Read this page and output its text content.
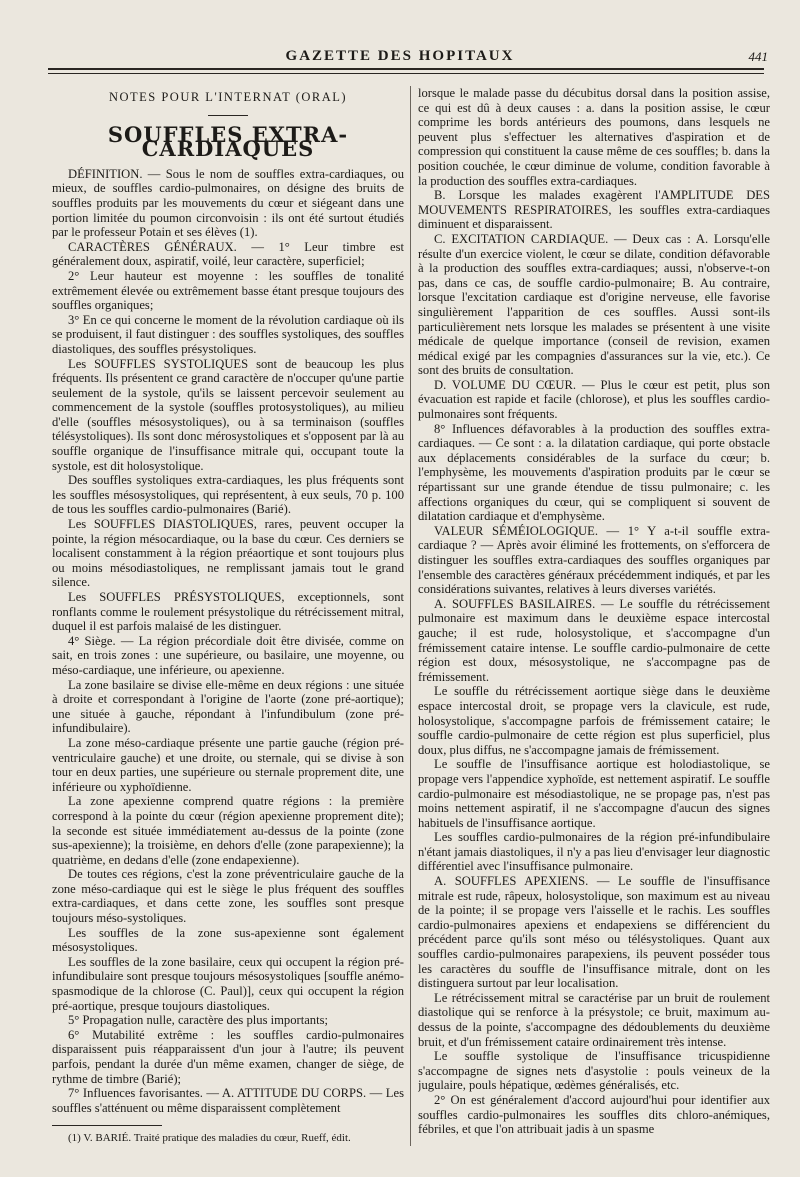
GAZETTE DES HOPITAUX	441
NOTES POUR L'INTERNAT (ORAL)
SOUFFLES EXTRA-CARDIAQUES

DÉFINITION. — Sous le nom de souffles extra-cardiaques, ou mieux, de souffles cardio-pulmonaires, on désigne des bruits de souffles produits par les mouvements du cœur et siégeant dans une portion limitée du poumon circonvoisin : ils ont été surtout étudiés par le professeur Potain et ses élèves (1).

CARACTÈRES GÉNÉRAUX. — 1° Leur timbre est généralement doux, aspiratif, voilé, leur caractère, superficiel;

2° Leur hauteur est moyenne : les souffles de tonalité extrêmement élevée ou extrêmement basse étant presque toujours des souffles organiques;

3° En ce qui concerne le moment de la révolution cardiaque où ils se produisent, il faut distinguer : des souffles systoliques, des souffles diastoliques, des souffles présystoliques.

Les SOUFFLES SYSTOLIQUES sont de beaucoup les plus fréquents. Ils présentent ce grand caractère de n'occuper qu'une partie seulement de la systole, qu'ils se laissent percevoir seulement au commencement de la systole (souffles protosystoliques), au milieu d'elle (souffles mésosystoliques), ou à sa terminaison (souffles télésystoliques). Ils sont donc mérosystoliques et s'opposent par là au souffle organique de l'insuffisance mitrale qui, occupant toute la systole, est dit holosystolique.

Des souffles systoliques extra-cardiaques, les plus fréquents sont les souffles mésosystoliques, qui représentent, à eux seuls, 70 p. 100 de tous les souffles cardio-pulmonaires (Barié).

Les SOUFFLES DIASTOLIQUES, rares, peuvent occuper la pointe, la région mésocardiaque, ou la base du cœur. Ces derniers se localisent constamment à la région préaortique et sont toujours plus ou moins mésodiastoliques, ne remplissant jamais tout le grand silence.

Les SOUFFLES PRÉSYSTOLIQUES, exceptionnels, sont ronflants comme le roulement présystolique du rétrécissement mitral, duquel il est parfois malaisé de les distinguer.

4° Siège. — La région précordiale doit être divisée, comme on sait, en trois zones : une supérieure, ou basilaire, une moyenne, ou méso-cardiaque, une inférieure, ou apexienne.

La zone basilaire se divise elle-même en deux régions : une située à droite et correspondant à l'origine de l'aorte (zone pré-aortique); une située à gauche, répondant à l'infundibulum (zone pré-infundibulaire).

La zone méso-cardiaque présente une partie gauche (région pré-ventriculaire gauche) et une droite, ou sternale, qui se divise à son tour en deux parties, une supérieure ou sternale proprement dite, une inférieure ou xyphoïdienne.

La zone apexienne comprend quatre régions : la première correspond à la pointe du cœur (région apexienne proprement dite); la seconde est située immédiatement au-dessus de la pointe (zone sus-apexienne); la troisième, en dehors d'elle (zone parapexienne); la quatrième, en dedans d'elle (zone endapexienne).

De toutes ces régions, c'est la zone préventriculaire gauche de la zone méso-cardiaque qui est le siège le plus fréquent des souffles extra-cardiaques, et dans cette zone, les souffles sont presque toujours méso-systoliques.

Les souffles de la zone sus-apexienne sont également mésosystoliques.

Les souffles de la zone basilaire, ceux qui occupent la région pré-infundibulaire sont presque toujours mésosystoliques [souffle anémo-spasmodique de la chlorose (C. Paul)], ceux qui occupent la région pré-aortique, presque toujours diastoliques.

5° Propagation nulle, caractère des plus importants;

6° Mutabilité extrême : les souffles cardio-pulmonaires disparaissent puis réapparaissent d'un jour à l'autre; ils peuvent parfois, pendant la durée d'un même examen, changer de siège, de rythme de timbre (Barié);

7° Influences favorisantes. — A. ATTITUDE DU CORPS. — Les souffles s'atténuent ou même disparaissent complètement

(1) V. BARIÉ. Traité pratique des maladies du cœur, Rueff, édit.

lorsque le malade passe du décubitus dorsal dans la position assise, ce qui est dû à deux causes : a. dans la position assise, le cœur comprime les bords antérieurs des poumons, dans lesquels ne peuvent plus s'effectuer les alternatives d'aspiration et de compression qui constituent la cause même de ces souffles; b. dans la position couchée, le cœur diminue de volume, condition favorable à la production des souffles extra-cardiaques.

B. Lorsque les malades exagèrent l'AMPLITUDE DES MOUVEMENTS RESPIRATOIRES, les souffles extra-cardiaques diminuent et disparaissent.

C. EXCITATION CARDIAQUE. — Deux cas : A. Lorsqu'elle résulte d'un exercice violent, le cœur se dilate, condition défavorable à la production des souffles extra-cardiaques; aussi, n'observe-t-on pas, dans ce cas, de souffle cardio-pulmonaire; B. Au contraire, lorsque l'excitation cardiaque est d'origine nerveuse, elle favorise singulièrement l'apparition de ces souffles. Aussi sont-ils particulièrement nets lorsque les malades se présentent à une visite médicale de quelque importance (conseil de revision, examen médical exigé par les compagnies d'assurances sur la vie, etc.). Ce sont des bruits de consultation.

D. VOLUME DU CŒUR. — Plus le cœur est petit, plus son évacuation est rapide et facile (chlorose), et plus les souffles cardio-pulmonaires sont fréquents.

8° Influences défavorables à la production des souffles extra-cardiaques. — Ce sont : a. la dilatation cardiaque, qui porte obstacle aux déplacements considérables de la surface du cœur; b. l'emphysème, les mouvements d'aspiration produits par le cœur se répartissant sur une grande étendue de tissu pulmonaire; c. les affections organiques du cœur, qui se compliquent si souvent de dilatation cardiaque et d'emphysème.

VALEUR SÉMÉIOLOGIQUE. — 1° Y a-t-il souffle extra-cardiaque ? — Après avoir éliminé les frottements, on s'efforcera de distinguer les souffles extra-cardiaques des souffles organiques par l'ensemble des caractères généraux précédemment indiqués, et par les considérations suivantes, relatives à leurs diverses variétés.

A. SOUFFLES BASILAIRES. — Le souffle du rétrécissement pulmonaire est maximum dans le deuxième espace intercostal gauche; il est rude, holosystolique, et s'accompagne d'un frémissement cataire intense. Le souffle cardio-pulmonaire de cette région est doux, mésosystolique, ne s'accompagne pas de frémissement.

Le souffle du rétrécissement aortique siège dans le deuxième espace intercostal droit, se propage vers la clavicule, est rude, holosystolique, s'accompagne parfois de frémissement cataire; le souffle cardio-pulmonaire de cette région est plus superficiel, plus doux, plus diffus, ne s'accompagne jamais de frémissement.

Le souffle de l'insuffisance aortique est holodiastolique, se propage vers l'appendice xyphoïde, est nettement aspiratif. Le souffle cardio-pulmonaire est mésodiastolique, ne se propage pas, n'est pas moins nettement aspiratif, il ne s'accompagne d'aucun des signes habituels de l'insuffisance aortique.

Les souffles cardio-pulmonaires de la région pré-infundibulaire n'étant jamais diastoliques, il n'y a pas lieu d'envisager leur diagnostic différentiel avec l'insuffisance pulmonaire.

A. SOUFFLES APEXIENS. — Le souffle de l'insuffisance mitrale est rude, râpeux, holosystolique, son maximum est au niveau de la pointe; il se propage vers l'aisselle et le rachis. Les souffles cardio-pulmonaires apexiens et endapexiens se différencient du précédent parce qu'ils sont méso ou télésystoliques. Quant aux souffles cardio-pulmonaires parapexiens, ils peuvent posséder tous les caractères du souffle de l'insuffisance mitrale, dont on les distinguera surtout par leur localisation.

Le rétrécissement mitral se caractérise par un bruit de roulement diastolique qui se renforce à la présystole; ce bruit, maximum au-dessus de la pointe, s'accompagne des dédoublements du deuxième bruit, et d'un frémissement cataire ordinairement très intense.

Le souffle systolique de l'insuffisance tricuspidienne s'accompagne de signes nets d'asystolie : pouls veineux de la jugulaire, pouls hépatique, œdèmes généralisés, etc.

2° On est généralement d'accord aujourd'hui pour identifier aux souffles cardio-pulmonaires les souffles dits chloro-anémiques, fébriles, et que l'on attribuait jadis à un spasme
